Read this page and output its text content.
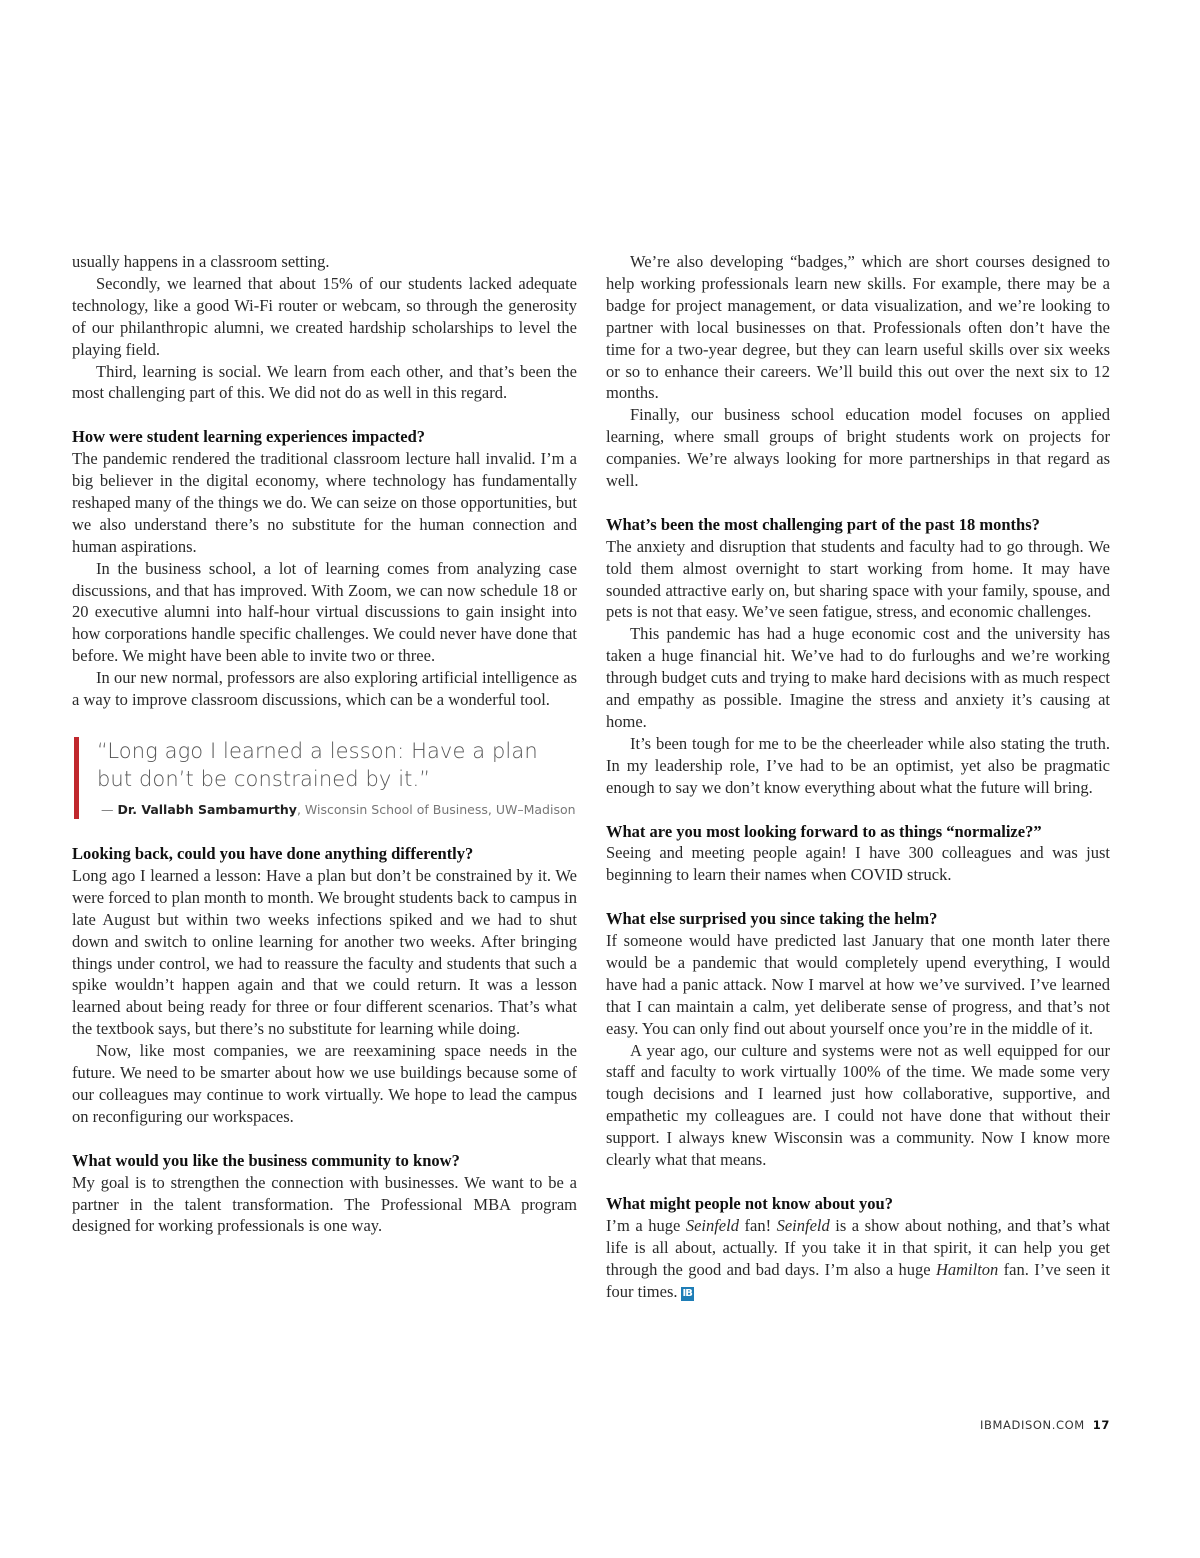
usually happens in a classroom setting.

Secondly, we learned that about 15% of our students lacked adequate technology, like a good Wi-Fi router or webcam, so through the generosity of our philanthropic alumni, we created hardship scholarships to level the playing field.

Third, learning is social. We learn from each other, and that’s been the most challenging part of this. We did not do as well in this regard.

How were student learning experiences impacted?

The pandemic rendered the traditional classroom lecture hall invalid. I’m a big believer in the digital economy, where technology has fundamentally reshaped many of the things we do. We can seize on those opportunities, but we also understand there’s no substitute for the human connection and human aspirations.

In the business school, a lot of learning comes from analyzing case discussions, and that has improved. With Zoom, we can now schedule 18 or 20 executive alumni into half-hour virtual discussions to gain insight into how corporations handle specific challenges. We could never have done that before. We might have been able to invite two or three.

In our new normal, professors are also exploring artificial intelligence as a way to improve classroom discussions, which can be a wonderful tool.

“Long ago I learned a lesson: Have a plan but don’t be constrained by it.”
— Dr. Vallabh Sambamurthy, Wisconsin School of Business, UW–Madison
Looking back, could you have done anything differently?

Long ago I learned a lesson: Have a plan but don’t be constrained by it. We were forced to plan month to month. We brought students back to campus in late August but within two weeks infections spiked and we had to shut down and switch to online learning for another two weeks. After bringing things under control, we had to reassure the faculty and students that such a spike wouldn’t happen again and that we could return. It was a lesson learned about being ready for three or four different scenarios. That’s what the textbook says, but there’s no substitute for learning while doing.

Now, like most companies, we are reexamining space needs in the future. We need to be smarter about how we use buildings because some of our colleagues may continue to work virtually. We hope to lead the campus on reconfiguring our workspaces.

What would you like the business community to know?

My goal is to strengthen the connection with businesses. We want to be a partner in the talent transformation. The Professional MBA program designed for working professionals is one way.

We’re also developing “badges,” which are short courses designed to help working professionals learn new skills. For example, there may be a badge for project management, or data visualization, and we’re looking to partner with local businesses on that. Professionals often don’t have the time for a two-year degree, but they can learn useful skills over six weeks or so to enhance their careers. We’ll build this out over the next six to 12 months.

Finally, our business school education model focuses on applied learning, where small groups of bright students work on projects for companies. We’re always looking for more partnerships in that regard as well.

What’s been the most challenging part of the past 18 months?

The anxiety and disruption that students and faculty had to go through. We told them almost overnight to start working from home. It may have sounded attractive early on, but sharing space with your family, spouse, and pets is not that easy. We’ve seen fatigue, stress, and economic challenges.

This pandemic has had a huge economic cost and the university has taken a huge financial hit. We’ve had to do furloughs and we’re working through budget cuts and trying to make hard decisions with as much respect and empathy as possible. Imagine the stress and anxiety it’s causing at home.

It’s been tough for me to be the cheerleader while also stating the truth. In my leadership role, I’ve had to be an optimist, yet also be pragmatic enough to say we don’t know everything about what the future will bring.

What are you most looking forward to as things “normalize?”

Seeing and meeting people again! I have 300 colleagues and was just beginning to learn their names when COVID struck.

What else surprised you since taking the helm?

If someone would have predicted last January that one month later there would be a pandemic that would completely upend everything, I would have had a panic attack. Now I marvel at how we’ve survived. I’ve learned that I can maintain a calm, yet deliberate sense of progress, and that’s not easy. You can only find out about yourself once you’re in the middle of it.

A year ago, our culture and systems were not as well equipped for our staff and faculty to work virtually 100% of the time. We made some very tough decisions and I learned just how collaborative, supportive, and empathetic my colleagues are. I could not have done that without their support. I always knew Wisconsin was a community. Now I know more clearly what that means.

What might people not know about you?

I’m a huge Seinfeld fan! Seinfeld is a show about nothing, and that’s what life is all about, actually. If you take it in that spirit, it can help you get through the good and bad days. I’m also a huge Hamilton fan. I’ve seen it four times. IB

IBMADISON.COM 17
